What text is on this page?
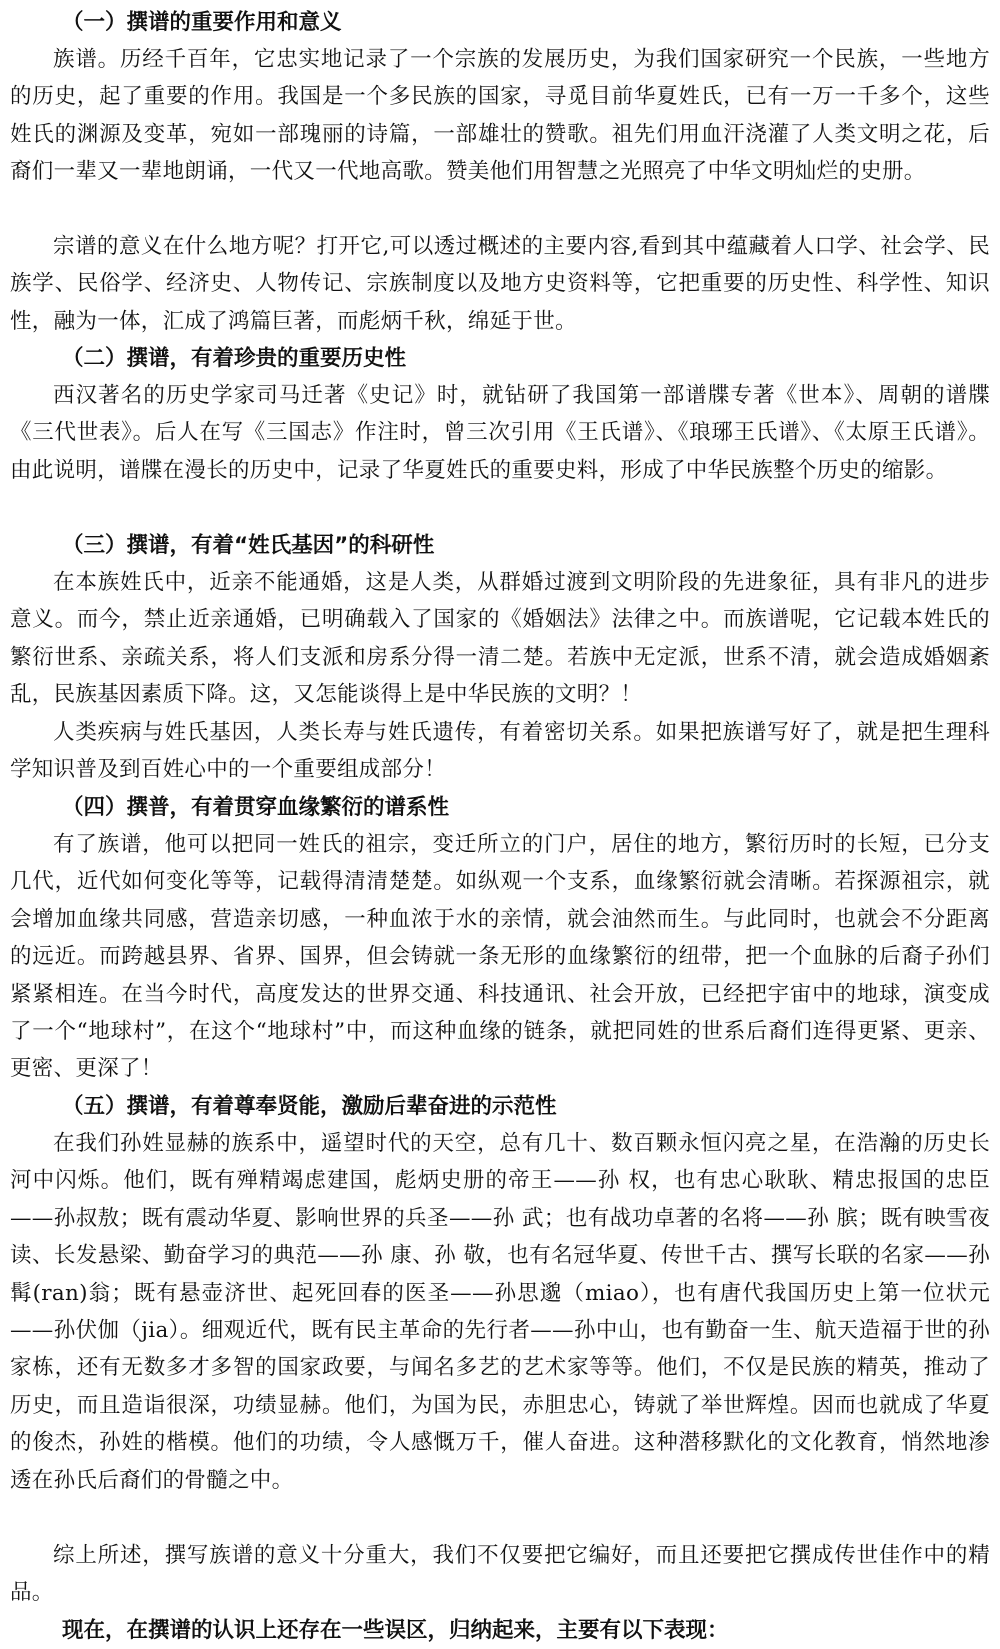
（一）撰谱的重要作用和意义

族谱。历经千百年，它忠实地记录了一个宗族的发展历史，为我们国家研究一个民族，一些地方的历史，起了重要的作用。我国是一个多民族的国家，寻觅目前华夏姓氏，已有一万一千多个，这些姓氏的渊源及变革，宛如一部瑰丽的诗篇，一部雄壮的赞歌。祖先们用血汗浇灌了人类文明之花，后裔们一辈又一辈地朗诵，一代又一代地高歌。赞美他们用智慧之光照亮了中华文明灿烂的史册。

宗谱的意义在什么地方呢？打开它,可以透过概述的主要内容,看到其中蕴藏着人口学、社会学、民族学、民俗学、经济史、人物传记、宗族制度以及地方史资料等，它把重要的历史性、科学性、知识性，融为一体，汇成了鸿篇巨著，而彪炳千秋，绵延于世。

（二）撰谱，有着珍贵的重要历史性

西汉著名的历史学家司马迁著《史记》时，就钻研了我国第一部谱牒专著《世本》、周朝的谱牒《三代世表》。后人在写《三国志》作注时，曾三次引用《王氏谱》、《琅琊王氏谱》、《太原王氏谱》。由此说明，谱牒在漫长的历史中，记录了华夏姓氏的重要史料，形成了中华民族整个历史的缩影。

（三）撰谱，有着“姓氏基因”的科研性

在本族姓氏中，近亲不能通婚，这是人类，从群婚过渡到文明阶段的先进象征，具有非凡的进步意义。而今，禁止近亲通婚，已明确载入了国家的《婚姻法》法律之中。而族谱呢，它记载本姓氏的繁衍世系、亲疏关系，将人们支派和房系分得一清二楚。若族中无定派，世系不清，就会造成婚姻紊乱，民族基因素质下降。这，又怎能谈得上是中华民族的文明？！

人类疾病与姓氏基因，人类长寿与姓氏遗传，有着密切关系。如果把族谱写好了，就是把生理科学知识普及到百姓心中的一个重要组成部分！

（四）撰普，有着贯穿血缘繁衍的谱系性

有了族谱，他可以把同一姓氏的祖宗，变迁所立的门户，居住的地方，繁衍历时的长短，已分支几代，近代如何变化等等，记载得清清楚楚。如纵观一个支系，血缘繁衍就会清晰。若探源祖宗，就会增加血缘共同感，营造亲切感，一种血浓于水的亲情，就会油然而生。与此同时，也就会不分距离的远近。而跨越县界、省界、国界，但会铸就一条无形的血缘繁衍的纽带，把一个血脉的后裔子孙们紧紧相连。在当今时代，高度发达的世界交通、科技通讯、社会开放，已经把宇宙中的地球，演变成了一个“地球村”，在这个“地球村”中，而这种血缘的链条，就把同姓的世系后裔们连得更紧、更亲、更密、更深了！

（五）撰谱，有着尊奉贤能，激励后辈奋进的示范性

在我们孙姓显赫的族系中，遥望时代的天空，总有几十、数百颗永恒闪亮之星，在浩瀚的历史长河中闪烁。他们，既有殚精竭虑建国，彪炳史册的帝王——孙 权，也有忠心耿耿、精忠报国的忠臣——孙叔敖；既有震动华夏、影响世界的兵圣——孙 武；也有战功卓著的名将——孙 膑；既有映雪夜读、长发悬梁、勤奋学习的典范——孙 康、孙 敬，也有名冠华夏、传世千古、撰写长联的名家——孙髯(ran)翁；既有悬壶济世、起死回春的医圣——孙思邈（miao），也有唐代我国历史上第一位状元——孙伏伽（jia）。细观近代，既有民主革命的先行者——孙中山，也有勤奋一生、航天造福于世的孙家栋，还有无数多才多智的国家政要，与闻名多艺的艺术家等等。他们，不仅是民族的精英，推动了历史，而且造诣很深，功绩显赫。他们，为国为民，赤胆忠心，铸就了举世辉煌。因而也就成了华夏的俊杰，孙姓的楷模。他们的功绩，令人感慨万千，催人奋进。这种潜移默化的文化教育，悄然地渗透在孙氏后裔们的骨髓之中。

综上所述，撰写族谱的意义十分重大，我们不仅要把它编好，而且还要把它撰成传世佳作中的精品。

现在，在撰谱的认识上还存在一些误区，归纳起来，主要有以下表现：
